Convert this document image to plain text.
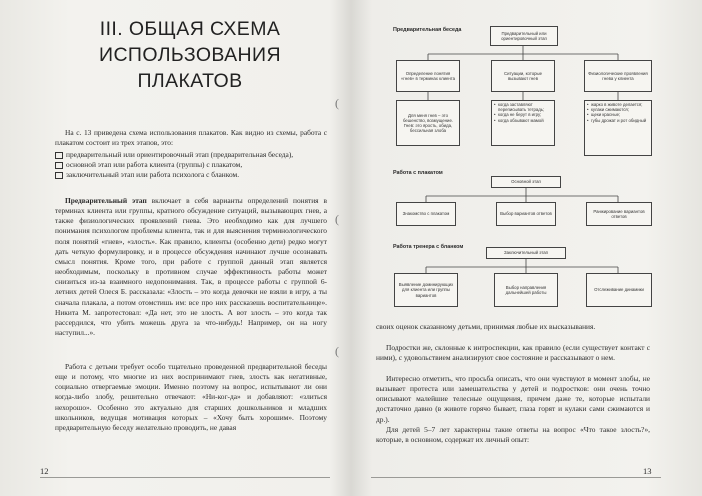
III. ОБЩАЯ СХЕМА
ИСПОЛЬЗОВАНИЯ ПЛАКАТОВ

На с. 13 приведена схема использования плакатов. Как видно из схемы, работа с плакатом состоит из трех этапов, это:

предварительный или ориентировочный этап (предварительная беседа),
основной этап или работа клиента (группы) с плакатом,
заключительный этап или работа психолога с бланком.

Предварительный этап включает в себя варианты определений понятия в терминах клиента или группы, кратного обсуждение ситуаций, вызывающих гнев, а также физиологических проявлений гнева. Это необходимо как для лучшего понимания психологом проблемы клиента, так и для выяснения терминологического поля понятий «гнев», «злость». Как правило, клиенты (особенно дети) редко могут дать четкую формулировку, и в процессе обсуждения начинают лучше осознавать смысл понятия. Кроме того, при работе с группой данный этап является необходимым, поскольку в противном случае эффективность работы может снизиться из-за взаимного недопонимания. Так, в процессе работы с группой 6-летних детей Олеся Б. рассказала: «Злость – это когда девочки не взяли в игру, а ты сначала плакала, а потом отомстишь им: все про них рассказешь воспитательнице». Никита М. запротестовал: «Да нет, это не злость. А вот злость – это когда так рассердился, что убить можешь друга за что-нибудь! Например, он на ногу наступил...».

Работа с детьми требует особо тщательно проведенной предварительной беседы еще и потому, что многие из них воспринимают гнев, злость как негативные, социально отвергаемые эмоции. Именно поэтому на вопрос, испытывают ли они когда-либо злобу, решительно отвечают: «Ни-ког-да» и добавляют: «злиться нехорошо». Особенно это актуально для старших дошкольников и младших школьников, ведущая мотивация которых – «Хочу быть хорошим». Поэтому предварительную беседу желательно проводить, не давая

12
(
(
(
Предварительная беседа
Предварительный или ориентировочный этап
Определение понятия «гнев» в терминах клиента
Ситуации, которые вызывают гнев
Физиологические проявления гнева у клиента
Для меня гнев – это бешенство, возмущение. Гнев: это ярость, обида, бессильная злоба
• когда заставляют переписывать тетрадь;
• когда не берут в игру;
• когда обзывают мамой
• жарко в животе делается;
• кулаки сжимаются;
• щеки красные;
• губы дрожат и рот обидный
Работа с плакатом
Основной этап
Знакомство с плакатом	Выбор вариантов ответов
Ранжирование вариантов ответов
Работа тренера с бланком
Заключительный этап
Выявление доминирующих для клиента или группы вариантов
Выбор направления дальнейшей работы
Отслеживание динамики

своих оценок сказанному детьми, принимая любые их высказывания.

Подростки же, склонные к интроспекции, как правило (если существует контакт с ними), с удовольствием анализируют свое состояние и рассказывают о нем.

Интересно отметить, что просьба описать, что они чувствуют в момент злобы, не вызывает протеста или замешательства у детей и подростков: они очень точно описывают малейшие телесные ощущения, причем даже те, которые испытали достаточно давно (в животе горячо бывает, глаза горят и кулаки сами сжимаются и др.).

Для детей 5–7 лет характерны такие ответы на вопрос «Что такое злость?», которые, в основном, содержат их личный опыт:

13
